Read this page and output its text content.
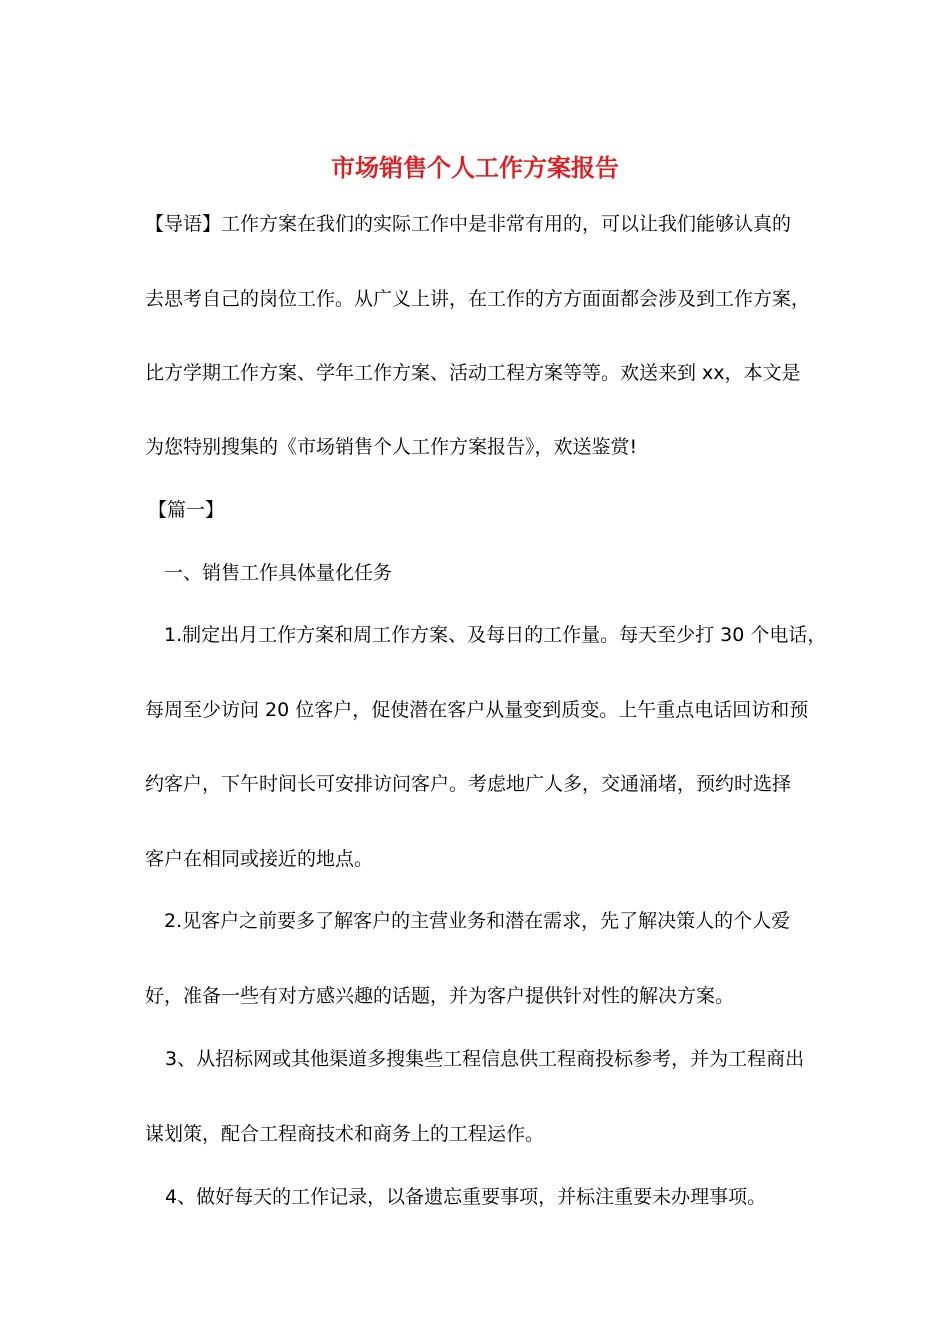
市场销售个人工作方案报告

【导语】工作方案在我们的实际工作中是非常有用的，可以让我们能够认真的

去思考自己的岗位工作。从广义上讲，在工作的方方面面都会涉及到工作方案，

比方学期工作方案、学年工作方案、活动工程方案等等。欢送来到 xx，本文是

为您特别搜集的《市场销售个人工作方案报告》，欢送鉴赏!

【篇一】

一、销售工作具体量化任务

1.制定出月工作方案和周工作方案、及每日的工作量。每天至少打 30 个电话，

每周至少访问 20 位客户，促使潜在客户从量变到质变。上午重点电话回访和预

约客户，下午时间长可安排访问客户。考虑地广人多，交通涌堵，预约时选择

客户在相同或接近的地点。

2.见客户之前要多了解客户的主营业务和潜在需求，先了解决策人的个人爱

好，准备一些有对方感兴趣的话题，并为客户提供针对性的解决方案。

3、从招标网或其他渠道多搜集些工程信息供工程商投标参考，并为工程商出

谋划策，配合工程商技术和商务上的工程运作。

4、做好每天的工作记录，以备遗忘重要事项，并标注重要未办理事项。
